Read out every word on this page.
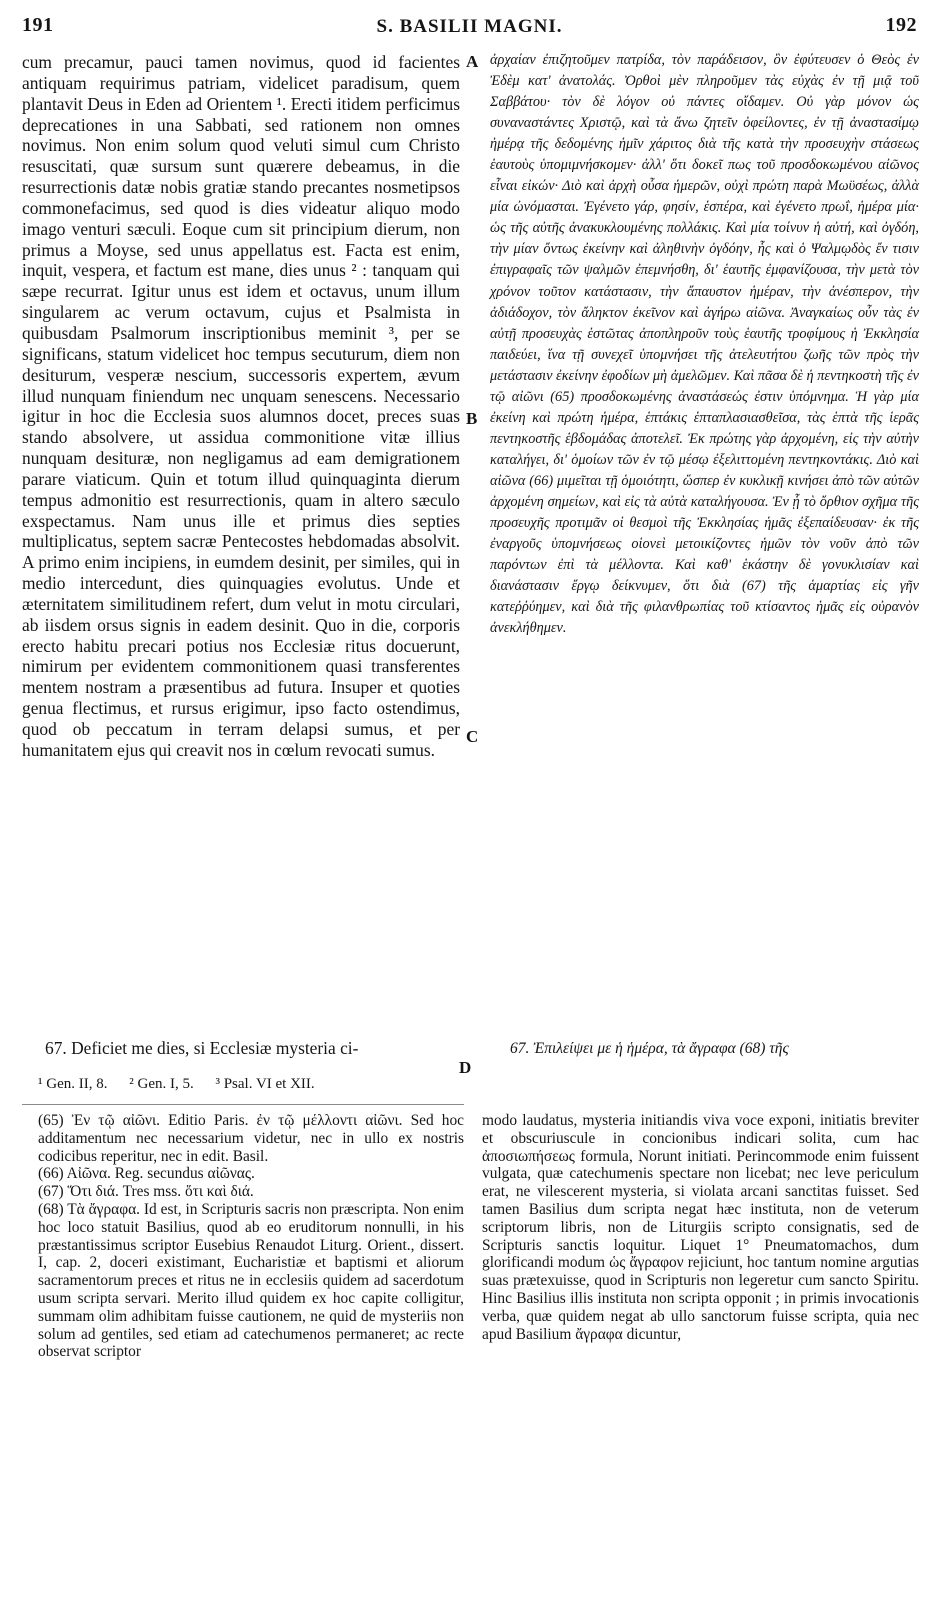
191	S. BASILII MAGNI.	192

cum precamur, pauci tamen novimus, quod id facientes antiquam requirimus patriam, videlicet paradisum, quem plantavit Deus in Eden ad Orientem ¹. Erecti itidem perficimus deprecationes in una Sabbati, sed rationem non omnes novimus. Non enim solum quod veluti simul cum Christo resuscitati, quæ sursum sunt quærere debeamus, in die resurrectionis datæ nobis gratiæ stando precantes nosmetipsos commonefacimus, sed quod is dies videatur aliquo modo imago venturi sæculi. Eoque cum sit principium dierum, non primus a Moyse, sed unus appellatus est. Facta est enim, inquit, vespera, et factum est mane, dies unus ² : tanquam qui sæpe recurrat. Igitur unus est idem et octavus, unum illum singularem ac verum octavum, cujus et Psalmista in quibusdam Psalmorum inscriptionibus meminit ³, per se significans, statum videlicet hoc tempus secuturum, diem non desiturum, vesperæ nescium, successoris expertem, ævum illud nunquam finiendum nec unquam senescens. Necessario igitur in hoc die Ecclesia suos alumnos docet, preces suas stando absolvere, ut assidua commonitione vitæ illius nunquam desituræ, non negligamus ad eam demigrationem parare viaticum. Quin et totum illud quinquaginta dierum tempus admonitio est resurrectionis, quam in altero sæculo exspectamus. Nam unus ille et primus dies septies multiplicatus, septem sacræ Pentecostes hebdomadas absolvit. A primo enim incipiens, in eumdem desinit, per similes, qui in medio intercedunt, dies quinquagies evolutus. Unde et æternitatem similitudinem refert, dum velut in motu circulari, ab iisdem orsus signis in eadem desinit. Quo in die, corporis erecto habitu precari potius nos Ecclesiæ ritus docuerunt, nimirum per evidentem commonitionem quasi transferentes mentem nostram a præsentibus ad futura. Insuper et quoties genua flectimus, et rursus erigimur, ipso facto ostendimus, quod ob peccatum in terram delapsi sumus, et per humanitatem ejus qui creavit nos in cœlum revocati sumus.

A
B
C
D

ἀρχαίαν ἐπιζητοῦμεν πατρίδα, τὸν παράδεισον, ὃν ἐφύτευσεν ὁ Θεὸς ἐν Ἐδὲμ κατ' ἀνατολάς. Ὀρθοὶ μὲν πληροῦμεν τὰς εὐχὰς ἐν τῇ μιᾷ τοῦ Σαββάτου· τὸν δὲ λόγον οὐ πάντες οἴδαμεν. Οὐ γὰρ μόνον ὡς συναναστάντες Χριστῷ, καὶ τὰ ἄνω ζητεῖν ὀφείλοντες, ἐν τῇ ἀναστασίμῳ ἡμέρᾳ τῆς δεδομένης ἡμῖν χάριτος διὰ τῆς κατὰ τὴν προσευχὴν στάσεως ἑαυτοὺς ὑπομιμνήσκομεν· ἀλλ' ὅτι δοκεῖ πως τοῦ προσδοκωμένου αἰῶνος εἶναι εἰκών· Διὸ καὶ ἀρχὴ οὖσα ἡμερῶν, οὐχὶ πρώτη παρὰ Μωϋσέως, ἀλλὰ μία ὠνόμασται. Ἐγένετο γάρ, φησίν, ἑσπέρα, καὶ ἐγένετο πρωΐ, ἡμέρα μία· ὡς τῆς αὐτῆς ἀνακυκλουμένης πολλάκις. Καὶ μία τοίνυν ἡ αὐτή, καὶ ὀγδόη, τὴν μίαν ὄντως ἐκείνην καὶ ἀληθινὴν ὀγδόην, ἧς καὶ ὁ Ψαλμῳδὸς ἔν τισιν ἐπιγραφαῖς τῶν ψαλμῶν ἐπεμνήσθη, δι' ἑαυτῆς ἐμφανίζουσα, τὴν μετὰ τὸν χρόνον τοῦτον κατάστασιν, τὴν ἄπαυστον ἡμέραν, τὴν ἀνέσπερον, τὴν ἀδιάδοχον, τὸν ἄληκτον ἐκεῖνον καὶ ἀγήρω αἰῶνα. Ἀναγκαίως οὖν τὰς ἐν αὐτῇ προσευχὰς ἑστῶτας ἀποπληροῦν τοὺς ἑαυτῆς τροφίμους ἡ Ἐκκλησία παιδεύει, ἵνα τῇ συνεχεῖ ὑπομνήσει τῆς ἀτελευτήτου ζωῆς τῶν πρὸς τὴν μετάστασιν ἐκείνην ἐφοδίων μὴ ἀμελῶμεν. Καὶ πᾶσα δὲ ἡ πεντηκοστὴ τῆς ἐν τῷ αἰῶνι (65) προσδοκωμένης ἀναστάσεώς ἐστιν ὑπόμνημα. Ἡ γὰρ μία ἐκείνη καὶ πρώτη ἡμέρα, ἑπτάκις ἑπταπλασιασθεῖσα, τὰς ἑπτὰ τῆς ἱερᾶς πεντηκοστῆς ἑβδομάδας ἀποτελεῖ. Ἐκ πρώτης γὰρ ἀρχομένη, εἰς τὴν αὐτὴν καταλήγει, δι' ὁμοίων τῶν ἐν τῷ μέσῳ ἐξελιττομένη πεντηκοντάκις. Διὸ καὶ αἰῶνα (66) μιμεῖται τῇ ὁμοιότητι, ὥσπερ ἐν κυκλικῇ κινήσει ἀπὸ τῶν αὐτῶν ἀρχομένη σημείων, καὶ εἰς τὰ αὐτὰ καταλήγουσα. Ἐν ᾗ τὸ ὄρθιον σχῆμα τῆς προσευχῆς προτιμᾶν οἱ θεσμοὶ τῆς Ἐκκλησίας ἡμᾶς ἐξεπαίδευσαν· ἐκ τῆς ἐναργοῦς ὑπομνήσεως οἱονεὶ μετοικίζοντες ἡμῶν τὸν νοῦν ἀπὸ τῶν παρόντων ἐπὶ τὰ μέλλοντα. Καὶ καθ' ἑκάστην δὲ γονυκλισίαν καὶ διανάστασιν ἔργῳ δείκνυμεν, ὅτι διὰ (67) τῆς ἁμαρτίας εἰς γῆν κατεῤῥύημεν, καὶ διὰ τῆς φιλανθρωπίας τοῦ κτίσαντος ἡμᾶς εἰς οὐρανὸν ἀνεκλήθημεν.

67. Deficiet me dies, si Ecclesiæ mysteria ci-	67. Ἐπιλείψει με ἡ ἡμέρα, τὰ ἄγραφα (68) τῆς
¹ Gen. II, 8. ² Gen. I, 5. ³ Psal. VI et XII.

(65) Ἐν τῷ αἰῶνι. Editio Paris. ἐν τῷ μέλλοντι αἰῶνι. Sed hoc additamentum nec necessarium videtur, nec in ullo ex nostris codicibus reperitur, nec in edit. Basil.

(66) Αἰῶνα. Reg. secundus αἰῶνας.

(67) Ὅτι διά. Tres mss. ὅτι καὶ διά.

(68) Τὰ ἄγραφα. Id est, in Scripturis sacris non præscripta. Non enim hoc loco statuit Basilius, quod ab eo eruditorum nonnulli, in his præstantissimus scriptor Eusebius Renaudot Liturg. Orient., dissert. I, cap. 2, doceri existimant, Eucharistiæ et baptismi et aliorum sacramentorum preces et ritus ne in ecclesiis quidem ad sacerdotum usum scripta servari. Merito illud quidem ex hoc capite colligitur, summam olim adhibitam fuisse cautionem, ne quid de mysteriis non solum ad gentiles, sed etiam ad catechumenos permaneret; ac recte observat scriptor

modo laudatus, mysteria initiandis viva voce exponi, initiatis breviter et obscuriuscule in concionibus indicari solita, cum hac ἀποσιωπήσεως formula, Norunt initiati. Perincommode enim fuissent vulgata, quæ catechumenis spectare non licebat; nec leve periculum erat, ne vilescerent mysteria, si violata arcani sanctitas fuisset. Sed tamen Basilius dum scripta negat hæc instituta, non de veterum scriptorum libris, non de Liturgiis scripto consignatis, sed de Scripturis sanctis loquitur. Liquet 1° Pneumatomachos, dum glorificandi modum ὡς ἄγραφον rejiciunt, hoc tantum nomine argutias suas prætexuisse, quod in Scripturis non legeretur cum sancto Spiritu. Hinc Basilius illis instituta non scripta opponit ; in primis invocationis verba, quæ quidem negat ab ullo sanctorum fuisse scripta, quia nec apud Basilium ἄγραφα dicuntur,
